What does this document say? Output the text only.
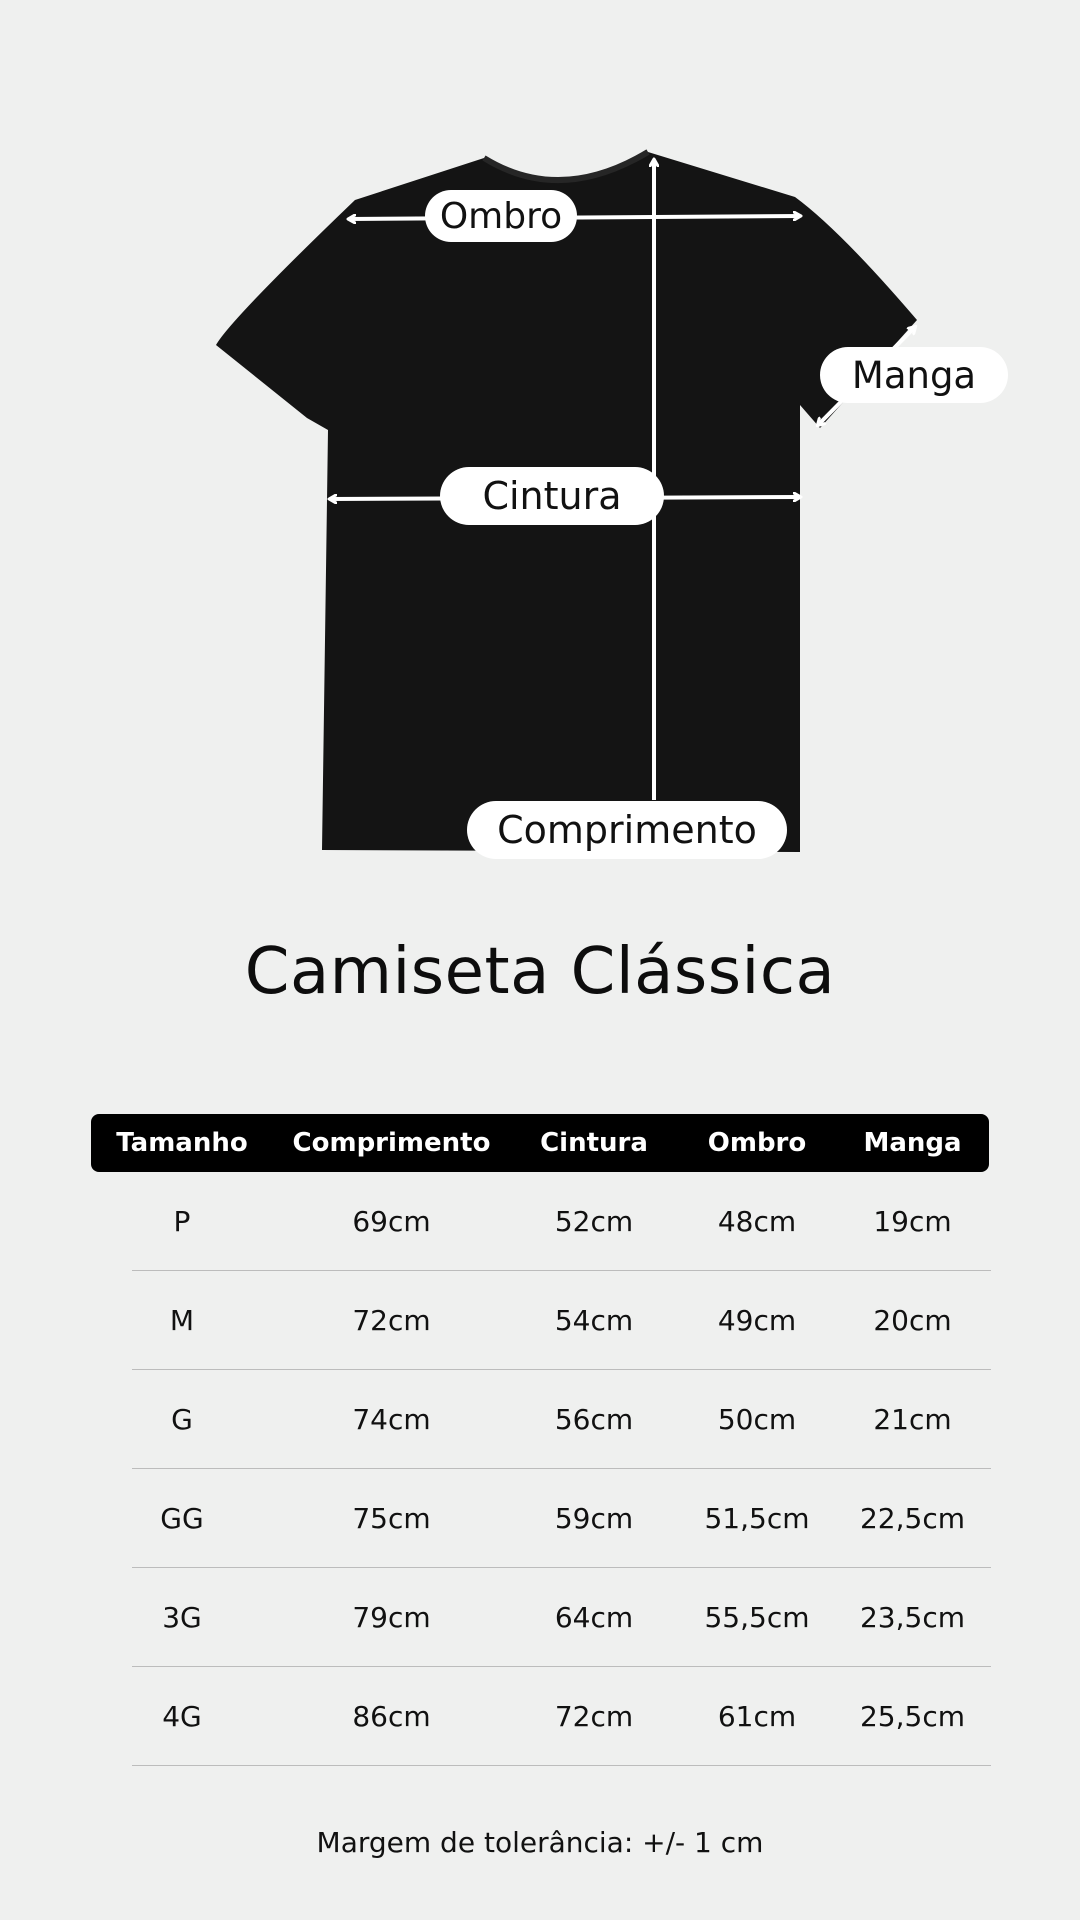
Ombro
Manga
Cintura
Comprimento
Camiseta Clássica
Tamanho	Comprimento	Cintura	Ombro	Manga
P	69cm	52cm	48cm	19cm
M	72cm	54cm	49cm	20cm
G	74cm	56cm	50cm	21cm
GG	75cm	59cm	51,5cm	22,5cm
3G	79cm	64cm	55,5cm	23,5cm
4G	86cm	72cm	61cm	25,5cm
Margem de tolerância: +/- 1 cm
